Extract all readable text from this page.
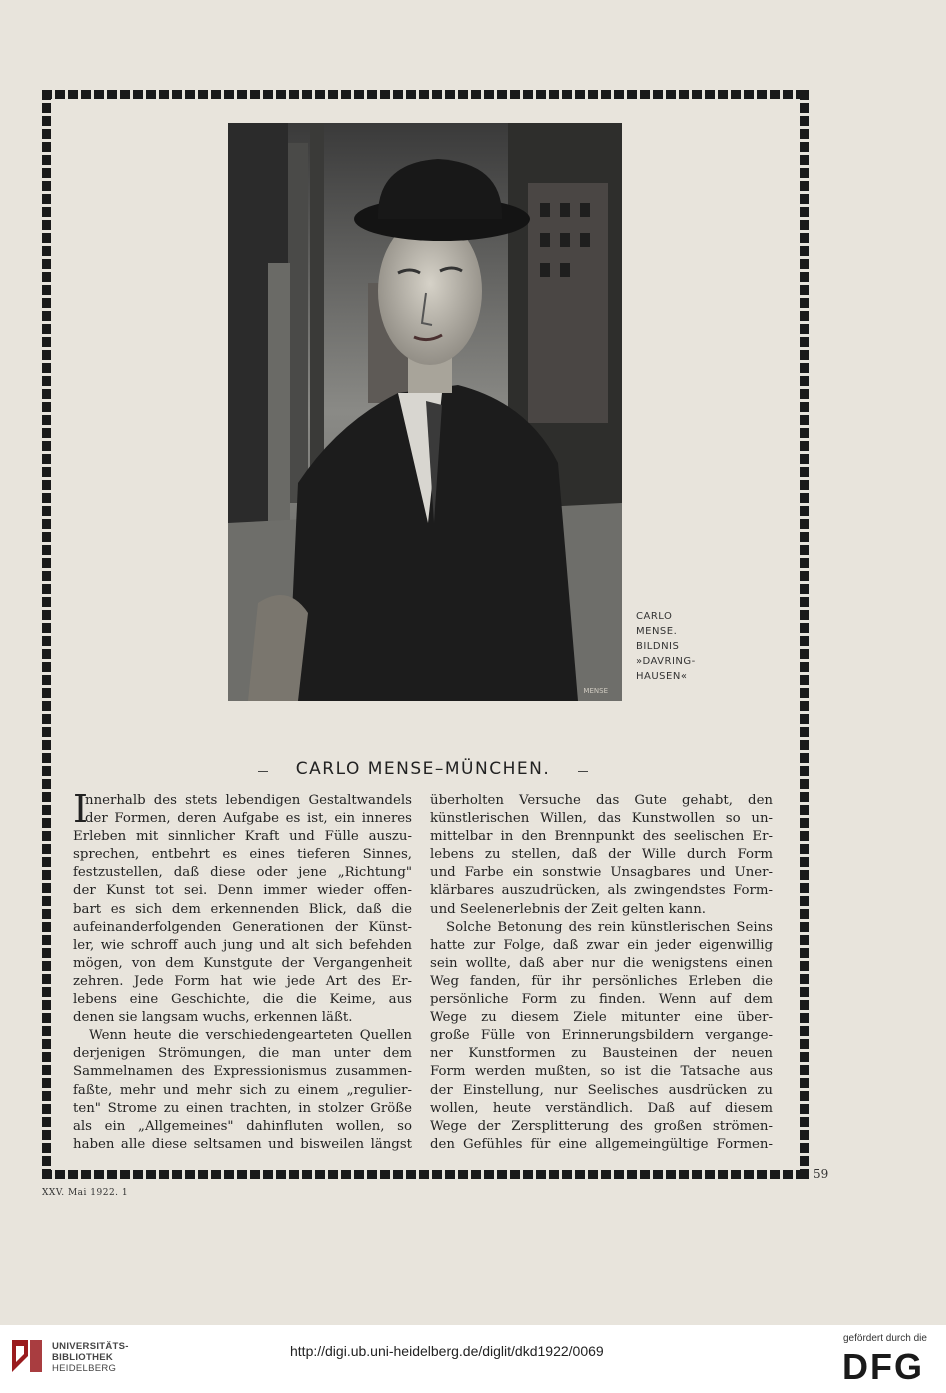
MENSE
CARLO
MENSE.
BILDNIS
»DAVRING-
HAUSEN«
CARLO MENSE–MÜNCHEN.
I
nnerhalb des stets lebendigen Gestaltwandels
der Formen, deren Aufgabe es ist, ein inneres
Erleben mit sinnlicher Kraft und Fülle auszu-
sprechen, entbehrt es eines tieferen Sinnes,
festzustellen, daß diese oder jene „Richtung"
der Kunst tot sei. Denn immer wieder offen-
bart es sich dem erkennenden Blick, daß die
aufeinanderfolgenden Generationen der Künst-
ler, wie schroff auch jung und alt sich befehden
mögen, von dem Kunstgute der Vergangenheit
zehren. Jede Form hat wie jede Art des Er-
lebens eine Geschichte, die die Keime, aus
denen sie langsam wuchs, erkennen läßt.
Wenn heute die verschiedengearteten Quellen
derjenigen Strömungen, die man unter dem
Sammelnamen des Expressionismus zusammen-
faßte, mehr und mehr sich zu einem „regulier-
ten" Strome zu einen trachten, in stolzer Größe
als ein „Allgemeines" dahinfluten wollen, so
haben alle diese seltsamen und bisweilen längst
überholten Versuche das Gute gehabt, den
künstlerischen Willen, das Kunstwollen so un-
mittelbar in den Brennpunkt des seelischen Er-
lebens zu stellen, daß der Wille durch Form
und Farbe ein sonstwie Unsagbares und Uner-
klärbares auszudrücken, als zwingendstes Form-
und Seelenerlebnis der Zeit gelten kann.
Solche Betonung des rein künstlerischen Seins
hatte zur Folge, daß zwar ein jeder eigenwillig
sein wollte, daß aber nur die wenigstens einen
Weg fanden, für ihr persönliches Erleben die
persönliche Form zu finden. Wenn auf dem
Wege zu diesem Ziele mitunter eine über-
große Fülle von Erinnerungsbildern vergange-
ner Kunstformen zu Bausteinen der neuen
Form werden mußten, so ist die Tatsache aus
der Einstellung, nur Seelisches ausdrücken zu
wollen, heute verständlich. Daß auf diesem
Wege der Zersplitterung des großen strömen-
den Gefühles für eine allgemeingültige Formen-
59
XXV. Mai 1922. 1
UNIVERSITÄTS-
BIBLIOTHEK
HEIDELBERG
http://digi.ub.uni-heidelberg.de/diglit/dkd1922/0069
gefördert durch die
DFG
